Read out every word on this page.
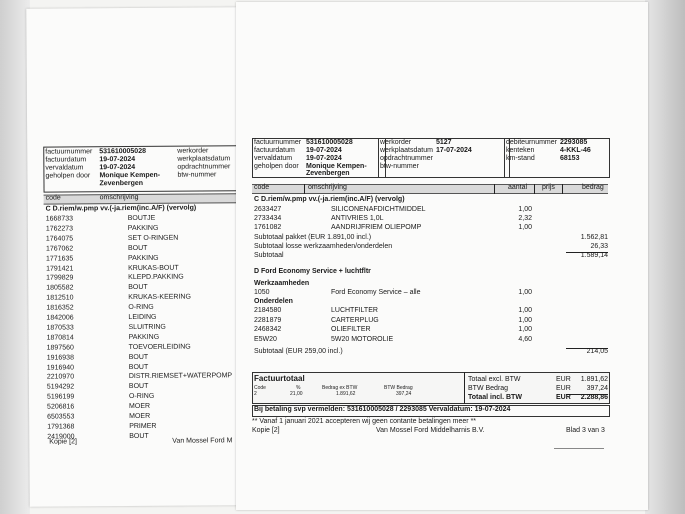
factuurnummer 531610005028	werkorder
factuurdatum 19-07-2024	werkplaatsdatum
vervaldatum 19-07-2024	opdrachtnummer
geholpen door Monique Kempen- btw-nummer
Zevenbergen
code	omschrijving
C D.riem/w.pmp vv.(-ja.riem(inc.A/F) (vervolg)
1668733	BOUTJE
1762273	PAKKING
1764075	SET O-RINGEN
1767062	BOUT
1771635	PAKKING
1791421	KRUKAS-BOUT
1799829	KLEPD.PAKKING
1805582	BOUT
1812510	KRUKAS-KEERING
1816352	O-RING
1842006	LEIDING
1870533	SLUITRING
1870814	PAKKING
1897560	TOEVOERLEIDING
1916938	BOUT
1916940	BOUT
2210970	DISTR.RIEMSET+WATERPOMP
5194292	BOUT
5196199	O-RING
5206816	MOER
6503553	MOER
1791368	PRIMER
2419000	BOUT
Kopie [2]	Van Mossel Ford M
factuurnummer 531610005028
factuurdatum 19-07-2024
vervaldatum 19-07-2024
geholpen door Monique Kempen-
Zevenbergen
werkorder	5127
werkplaatsdatum 17-07-2024
opdrachtnummer
btw-nummer
debiteurnummer 2293085
kenteken	4-KKL-46
km-stand	68153
code	omschrijving	aantal prijs	bedrag
C D.riem/w.pmp vv.(-ja.riem(inc.A/F) (vervolg)
2633427	SILICONENAFDICHTMIDDEL	1,00
2733434	ANTIVRIES 1,0L	2,32
1761082	AANDRIJFRIEM OLIEPOMP	1,00
Subtotaal pakket (EUR 1.891,00 incl.)	1.562,81
Subtotaal losse werkzaamheden/onderdelen	26,33
Subtotaal	1.589,14
D Ford Economy Service + luchtfltr
Werkzaamheden
1050	Ford Economy Service – alle	1,00
Onderdelen
2184580	LUCHTFILTER	1,00
2281879	CARTERPLUG	1,00
2468342	OLIEFILTER	1,00
E5W20	5W20 MOTOROLIE	4,60
Subtotaal (EUR 259,00 incl.)	214,05
Factuurtotaal
Code	%	Bedrag ex BTW	BTW Bedrag
2	21,00	1.891,62	397,24
Totaal excl. BTW	EUR	1.891,62
BTW Bedrag	EUR	397,24
Totaal incl. BTW	EUR	2.288,86
Bij betaling svp vermelden: 531610005028 / 2293085 Vervaldatum: 19-07-2024
** Vanaf 1 januari 2021 accepteren wij geen contante betalingen meer **
Kopie [2]	Van Mossel Ford Middelharnis B.V.	Blad 3 van 3
